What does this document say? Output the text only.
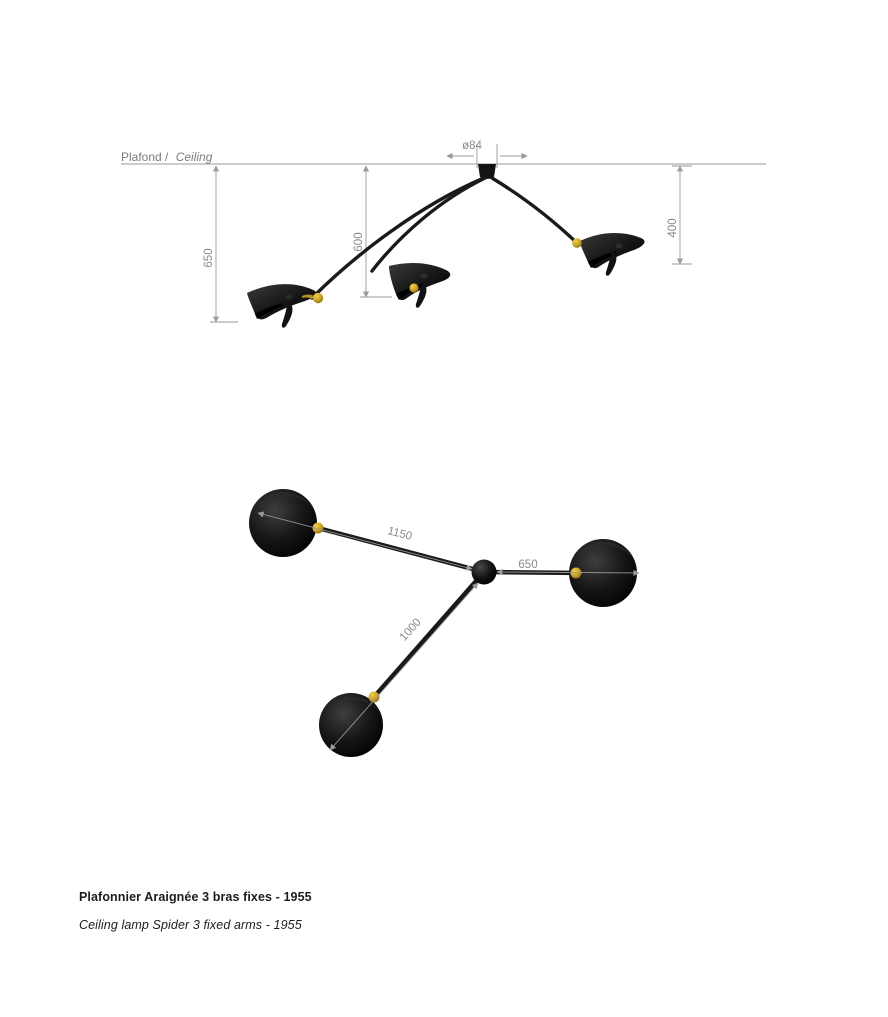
Plafond / Ceiling
ø84
650
600
400
1150
650
1000

Plafonnier Araignée 3 bras fixes - 1955

Ceiling lamp Spider 3 fixed arms - 1955
